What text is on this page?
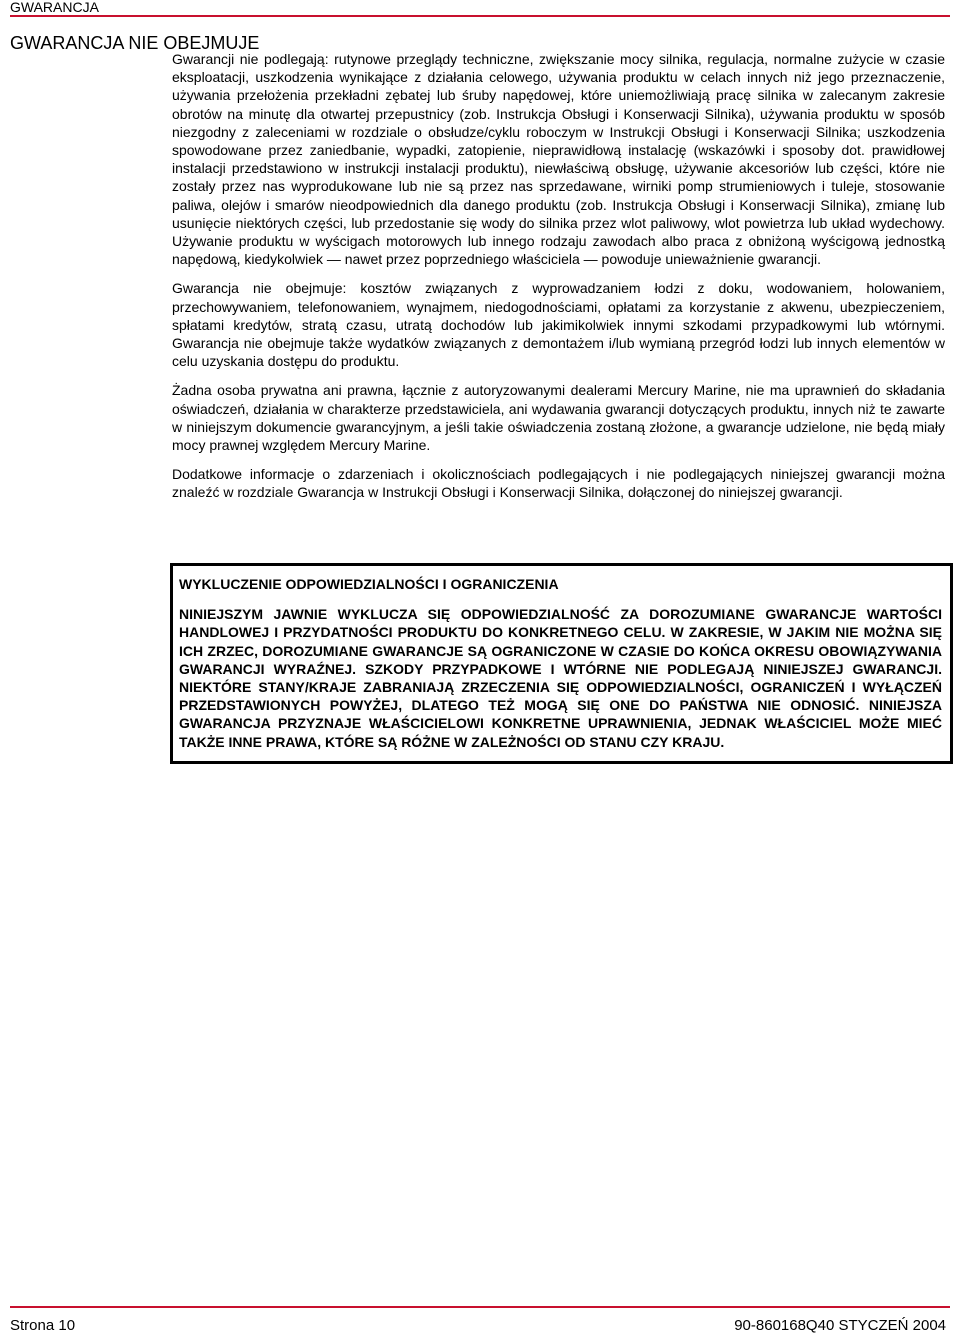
GWARANCJA
GWARANCJA NIE OBEJMUJE

Gwarancji nie podlegają: rutynowe przeglądy techniczne, zwiększanie mocy silnika, regulacja, normalne zużycie w czasie eksploatacji, uszkodzenia wynikające z działania celowego, używania produktu w celach innych niż jego przeznaczenie, używania przełożenia przekładni zębatej lub śruby napędowej, które uniemożliwiają pracę silnika w zalecanym zakresie obrotów na minutę dla otwartej przepustnicy (zob. Instrukcja Obsługi i Konserwacji Silnika), używania produktu w sposób niezgodny z zaleceniami w rozdziale o obsłudze/cyklu roboczym w Instrukcji Obsługi i Konserwacji Silnika; uszkodzenia spowodowane przez zaniedbanie, wypadki, zatopienie, nieprawidłową instalację (wskazówki i sposoby dot. prawidłowej instalacji przedstawiono w instrukcji instalacji produktu), niewłaściwą obsługę, używanie akcesoriów lub części, które nie zostały przez nas wyprodukowane lub nie są przez nas sprzedawane, wirniki pomp strumieniowych i tuleje, stosowanie paliwa, olejów i smarów nieodpowiednich dla danego produktu (zob. Instrukcja Obsługi i Konserwacji Silnika), zmianę lub usunięcie niektórych części, lub przedostanie się wody do silnika przez wlot paliwowy, wlot powietrza lub układ wydechowy. Używanie produktu w wyścigach motorowych lub innego rodzaju zawodach albo praca z obniżoną wyścigową jednostką napędową, kiedykolwiek — nawet przez poprzedniego właściciela — powoduje unieważnienie gwarancji.

Gwarancja nie obejmuje: kosztów związanych z wyprowadzaniem łodzi z doku, wodowaniem, holowaniem, przechowywaniem, telefonowaniem, wynajmem, niedogodnościami, opłatami za korzystanie z akwenu, ubezpieczeniem, spłatami kredytów, stratą czasu, utratą dochodów lub jakimikolwiek innymi szkodami przypadkowymi lub wtórnymi. Gwarancja nie obejmuje także wydatków związanych z demontażem i/lub wymianą przegród łodzi lub innych elementów w celu uzyskania dostępu do produktu.

Żadna osoba prywatna ani prawna, łącznie z autoryzowanymi dealerami Mercury Marine, nie ma uprawnień do składania oświadczeń, działania w charakterze przedstawiciela, ani wydawania gwarancji dotyczących produktu, innych niż te zawarte w niniejszym dokumencie gwarancyjnym, a jeśli takie oświadczenia zostaną złożone, a gwarancje udzielone, nie będą miały mocy prawnej względem Mercury Marine.

Dodatkowe informacje o zdarzeniach i okolicznościach podlegających i nie podlegających niniejszej gwarancji można znaleźć w rozdziale Gwarancja w Instrukcji Obsługi i Konserwacji Silnika, dołączonej do niniejszej gwarancji.

WYKLUCZENIE ODPOWIEDZIALNOŚCI I OGRANICZENIA

NINIEJSZYM JAWNIE WYKLUCZA SIĘ ODPOWIEDZIALNOŚĆ ZA DOROZUMIANE GWARANCJE WARTOŚCI HANDLOWEJ I PRZYDATNOŚCI PRODUKTU DO KONKRETNEGO CELU. W ZAKRESIE, W JAKIM NIE MOŻNA SIĘ ICH ZRZEC, DOROZUMIANE GWARANCJE SĄ OGRANICZONE W CZASIE DO KOŃCA OKRESU OBOWIĄZYWANIA GWARANCJI WYRAŹNEJ. SZKODY PRZYPADKOWE I WTÓRNE NIE PODLEGAJĄ NINIEJSZEJ GWARANCJI. NIEKTÓRE STANY/KRAJE ZABRANIAJĄ ZRZECZENIA SIĘ ODPOWIEDZIALNOŚCI, OGRANICZEŃ I WYŁĄCZEŃ PRZEDSTAWIONYCH POWYŻEJ, DLATEGO TEŻ MOGĄ SIĘ ONE DO PAŃSTWA NIE ODNOSIĆ. NINIEJSZA GWARANCJA PRZYZNAJE WŁAŚCICIELOWI KONKRETNE UPRAWNIENIA, JEDNAK WŁAŚCICIEL MOŻE MIEĆ TAKŻE INNE PRAWA, KTÓRE SĄ RÓŻNE W ZALEŻNOŚCI OD STANU CZY KRAJU.

Strona 10	90-860168Q40 STYCZEŃ 2004
